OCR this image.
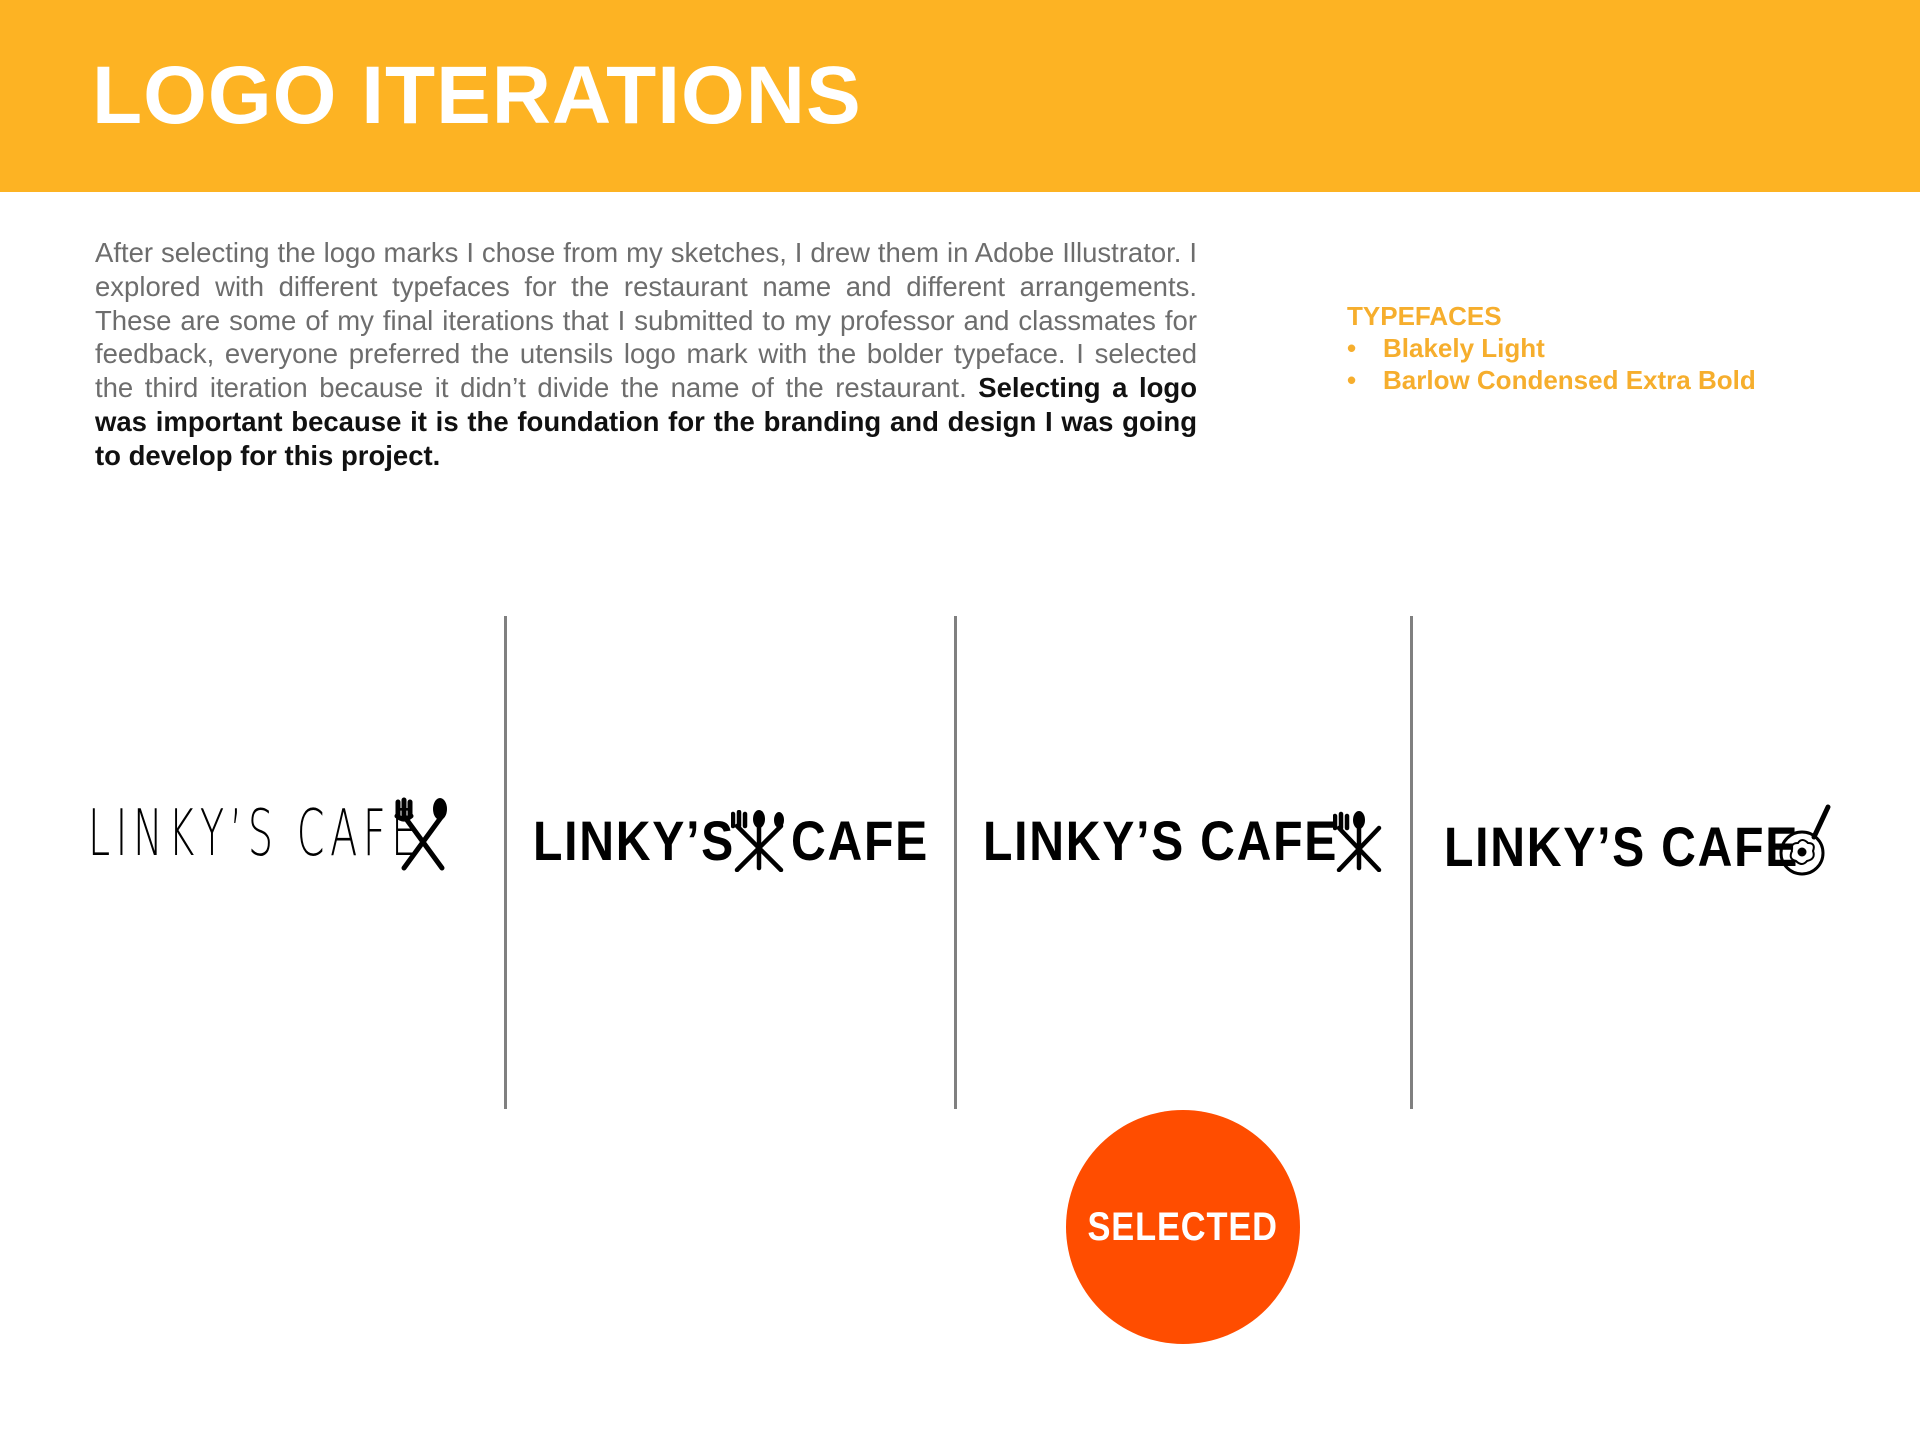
LOGO ITERATIONS

After selecting the logo marks I chose from my sketches, I drew them in Adobe Illustrator. I explored with different typefaces for the restaurant name and different arrangements. These are some of my final iterations that I submitted to my professor and classmates for feedback, everyone preferred the utensils logo mark with the bolder typeface. I selected the third iteration because it didn’t divide the name of the restaurant. Selecting a logo was important because it is the foundation for the branding and design I was going to develop for this project.

TYPEFACES
• Blakely Light
• Barlow Condensed Extra Bold
LINKY’S CAFE LINKY’S CAFE LINKY’S CAFE LINKY’S CAFE
SELECTED
